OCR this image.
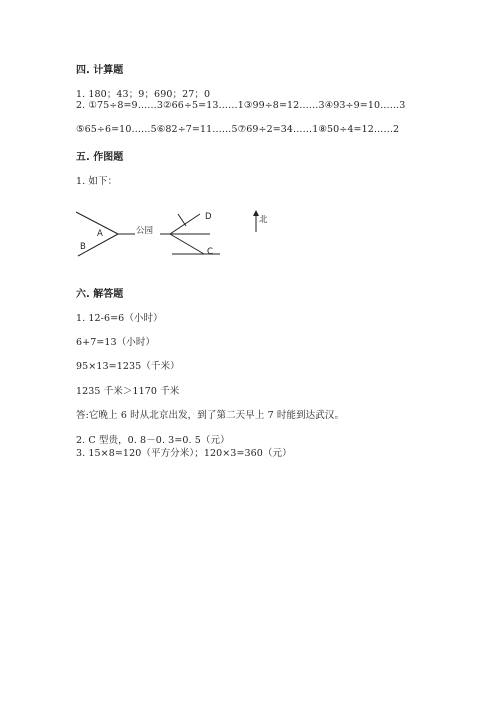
四. 计算题
1. 180；43；9；690；27；0
2. ①75÷8=9……3②66÷5=13……1③99÷8=12……3④93÷9=10……3
⑤65÷6=10……5⑥82÷7=11……5⑦69÷2=34……1⑧50÷4=12……2
五. 作图题
1. 如下：
公园
A
B
D
C
北
六. 解答题
1. 12-6=6（小时）
6+7=13（小时）
95×13=1235（千米）
1235 千米＞1170 千米
答:它晚上 6 时从北京出发，到了第二天早上 7 时能到达武汉。
2. C 型贵，0. 8－0. 3=0. 5（元）
3. 15×8=120（平方分米）；120×3=360（元）
